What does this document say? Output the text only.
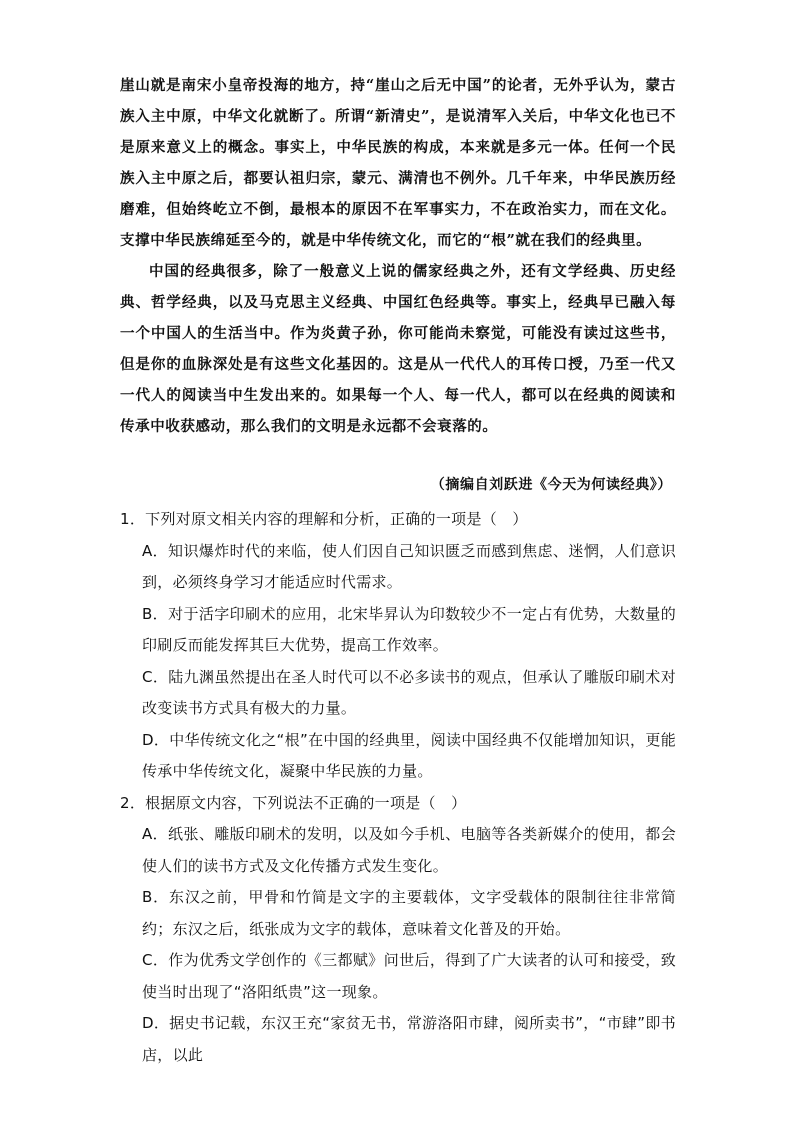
崖山就是南宋小皇帝投海的地方，持“崖山之后无中国”的论者，无外乎认为，蒙古族入主中原，中华文化就断了。所谓“新清史”，是说清军入关后，中华文化也已不是原来意义上的概念。事实上，中华民族的构成，本来就是多元一体。任何一个民族入主中原之后，都要认祖归宗，蒙元、满清也不例外。几千年来，中华民族历经磨难，但始终屹立不倒，最根本的原因不在军事实力，不在政治实力，而在文化。支撑中华民族绵延至今的，就是中华传统文化，而它的“根”就在我们的经典里。

中国的经典很多，除了一般意义上说的儒家经典之外，还有文学经典、历史经典、哲学经典，以及马克思主义经典、中国红色经典等。事实上，经典早已融入每一个中国人的生活当中。作为炎黄子孙，你可能尚未察觉，可能没有读过这些书，但是你的血脉深处是有这些文化基因的。这是从一代代人的耳传口授，乃至一代又一代人的阅读当中生发出来的。如果每一个人、每一代人，都可以在经典的阅读和传承中收获感动，那么我们的文明是永远都不会衰落的。

（摘编自刘跃进《今天为何读经典》）

1．下列对原文相关内容的理解和分析，正确的一项是（　）

A．知识爆炸时代的来临，使人们因自己知识匮乏而感到焦虑、迷惘，人们意识到，必须终身学习才能适应时代需求。

B．对于活字印刷术的应用，北宋毕昇认为印数较少不一定占有优势，大数量的印刷反而能发挥其巨大优势，提高工作效率。

C．陆九渊虽然提出在圣人时代可以不必多读书的观点，但承认了雕版印刷术对改变读书方式具有极大的力量。

D．中华传统文化之“根”在中国的经典里，阅读中国经典不仅能增加知识，更能传承中华传统文化，凝聚中华民族的力量。

2．根据原文内容，下列说法不正确的一项是（　）

A．纸张、雕版印刷术的发明，以及如今手机、电脑等各类新媒介的使用，都会使人们的读书方式及文化传播方式发生变化。

B．东汉之前，甲骨和竹简是文字的主要载体，文字受载体的限制往往非常简约；东汉之后，纸张成为文字的载体，意味着文化普及的开始。

C．作为优秀文学创作的《三都赋》问世后，得到了广大读者的认可和接受，致使当时出现了“洛阳纸贵”这一现象。

D．据史书记载，东汉王充“家贫无书，常游洛阳市肆，阅所卖书”，“市肆”即书店，以此
